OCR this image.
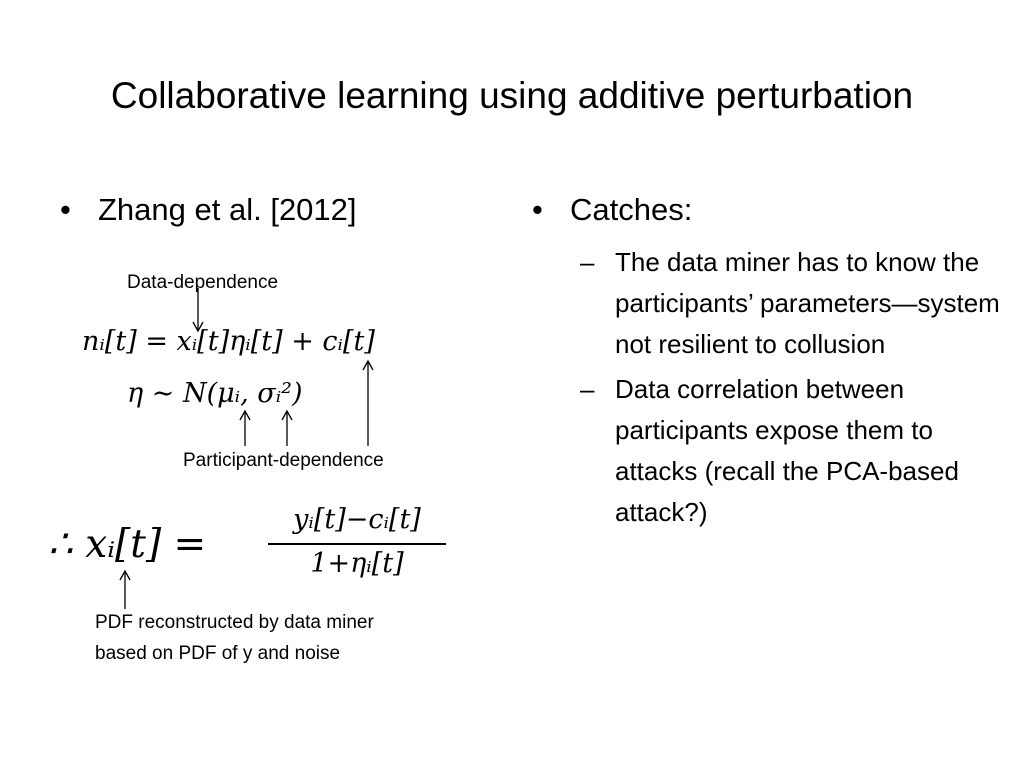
Collaborative learning using additive perturbation
• Zhang et al. [2012]	• Catches:
– The data miner has to know the participants’ parameters—system not resilient to collusion
– Data correlation between participants expose them to attacks (recall the PCA-based attack?)
Data-dependence
nᵢ[t] = xᵢ[t]ηᵢ[t] + cᵢ[t]
η ∼ N(μᵢ, σᵢ²)
Participant-dependence
∴ xᵢ[t] =
yᵢ[t]−cᵢ[t]
1+ηᵢ[t]
PDF reconstructed by data miner
based on PDF of y and noise
